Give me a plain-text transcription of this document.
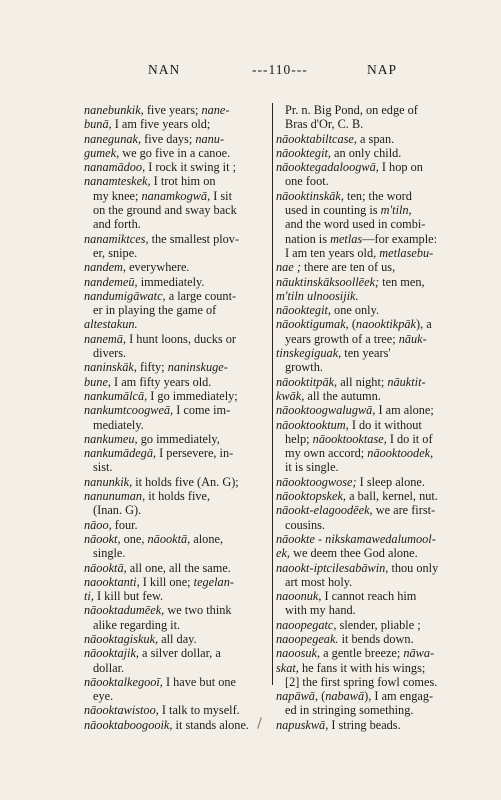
NAN	---110---	NAP
nanebunkik, five years; nane-
bunā, I am five years old;
nanegunak, five days; nanu-
gumek, we go five in a canoe.
nanamādoo, I rock it swing it ;
nanamteskek, I trot him on
my knee; nanamkogwā, I sit
on the ground and sway back
and forth.
nanamiktces, the smallest plov-
er, snipe.
nandem, everywhere.
nandemeū, immediately.
nandumigāwatc, a large count-
er in playing the game of
altestakun.
nanemā, I hunt loons, ducks or
divers.
naninskāk, fifty; naninskuge-
bune, I am fifty years old.
nankumālcā, I go immediately;
nankumtcoogweā, I come im-
mediately.
nankumeu, go immediately,
nankumādegā, I persevere, in-
sist.
nanunkik, it holds five (An. G);
nanunuman, it holds five,
(Inan. G).
nāoo, four.
nāookt, one, nāooktā, alone,
single.
nāooktā, all one, all the same.
naooktanti, I kill one; tegelan-
ti, I kill but few.
nāooktadumēek, we two think
alike regarding it.
nāooktagiskuk, all day.
nāooktajik, a silver dollar, a
dollar.
nāooktalkegooī, I have but one
eye.
nāooktawistoo, I talk to myself.
nāooktaboogooik, it stands alone.
Pr. n. Big Pond, on edge of
Bras d'Or, C. B.
nāooktabiltcase, a span.
nāooktegit, an only child.
nāooktegadaloogwā, I hop on
one foot.
nāooktinskāk, ten; the word
used in counting is m'tiln,
and the word used in combi-
nation is metlas—for example:
I am ten years old, metlasebu-
nae ; there are ten of us,
nāuktinskāksoollēek; ten men,
m'tiln ulnoosijik.
nāooktegit, one only.
nāooktigumak, (naooktikpāk), a
years growth of a tree; nāuk-
tinskegiguak, ten years'
growth.
nāooktitpāk, all night; nāuktit-
kwāk, all the autumn.
nāooktoogwalugwā, I am alone;
nāooktooktum, I do it without
help; nāooktooktase, I do it of
my own accord; nāooktoodek,
it is single.
nāooktoogwose; I sleep alone.
nāooktopskek, a ball, kernel, nut.
nāookt-elagoodēek, we are first-
cousins.
nāookte - nikskamawedalumool-
ek, we deem thee God alone.
naookt-iptcilesabāwin, thou only
art most holy.
naoonuk, I cannot reach him
with my hand.
naoopegatc, slender, pliable ;
naoopegeak. it bends down.
naoosuk, a gentle breeze; nāwa-
skat, he fans it with his wings;
[2] the first spring fowl comes.
napāwā, (nabawā), I am engag-
ed in stringing something.
napuskwā, I string beads.
